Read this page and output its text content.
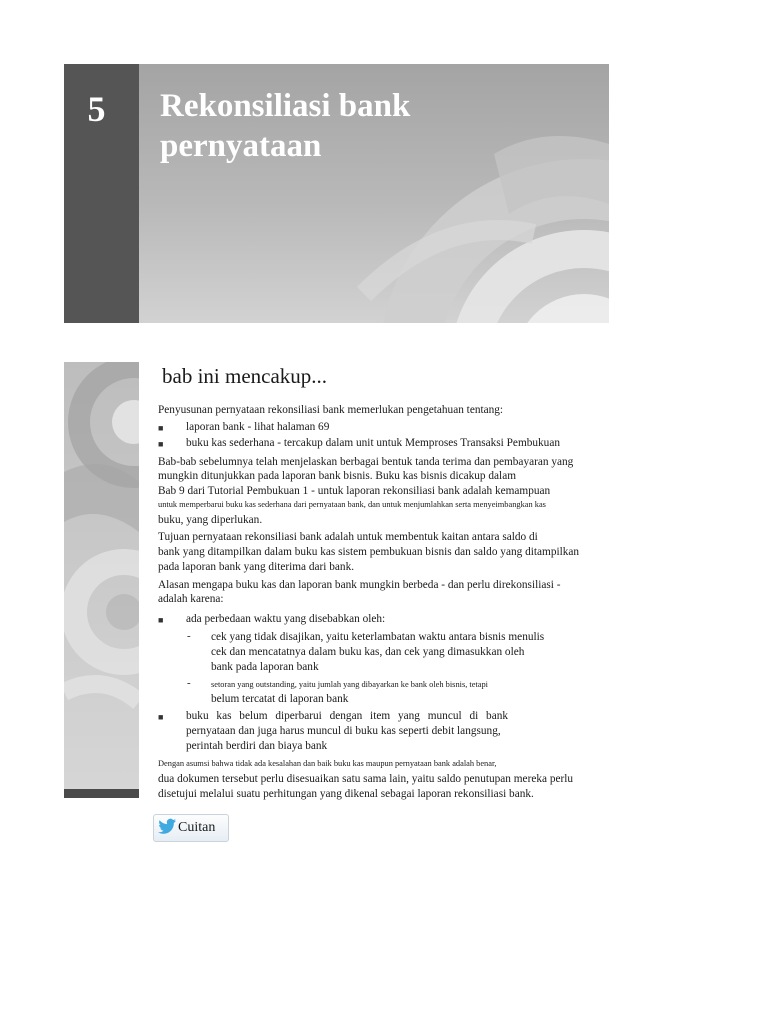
5	Rekonsiliasi bank
pernyataan
bab ini mencakup...
Penyusunan pernyataan rekonsiliasi bank memerlukan pengetahuan tentang:
■ laporan bank - lihat halaman 69
■ buku kas sederhana - tercakup dalam unit untuk Memproses Transaksi Pembukuan
Bab-bab sebelumnya telah menjelaskan berbagai bentuk tanda terima dan pembayaran yang
mungkin ditunjukkan pada laporan bank bisnis. Buku kas bisnis dicakup dalam
Bab 9 dari Tutorial Pembukuan 1 - untuk laporan rekonsiliasi bank adalah kemampuan
untuk memperbarui buku kas sederhana dari pernyataan bank, dan untuk menjumlahkan serta menyeimbangkan kas
buku, yang diperlukan.
Tujuan pernyataan rekonsiliasi bank adalah untuk membentuk kaitan antara saldo di
bank yang ditampilkan dalam buku kas sistem pembukuan bisnis dan saldo yang ditampilkan
pada laporan bank yang diterima dari bank.
Alasan mengapa buku kas dan laporan bank mungkin berbeda - dan perlu direkonsiliasi -
adalah karena:
■ ada perbedaan waktu yang disebabkan oleh:
- cek yang tidak disajikan, yaitu keterlambatan waktu antara bisnis menulis
cek dan mencatatnya dalam buku kas, dan cek yang dimasukkan oleh
bank pada laporan bank
- setoran yang outstanding, yaitu jumlah yang dibayarkan ke bank oleh bisnis, tetapi
belum tercatat di laporan bank
■ buku kas belum diperbarui dengan item yang muncul di bank
pernyataan dan juga harus muncul di buku kas seperti debit langsung,
perintah berdiri dan biaya bank
Dengan asumsi bahwa tidak ada kesalahan dan baik buku kas maupun pernyataan bank adalah benar,
dua dokumen tersebut perlu disesuaikan satu sama lain, yaitu saldo penutupan mereka perlu
disetujui melalui suatu perhitungan yang dikenal sebagai laporan rekonsiliasi bank.
Cuitan
